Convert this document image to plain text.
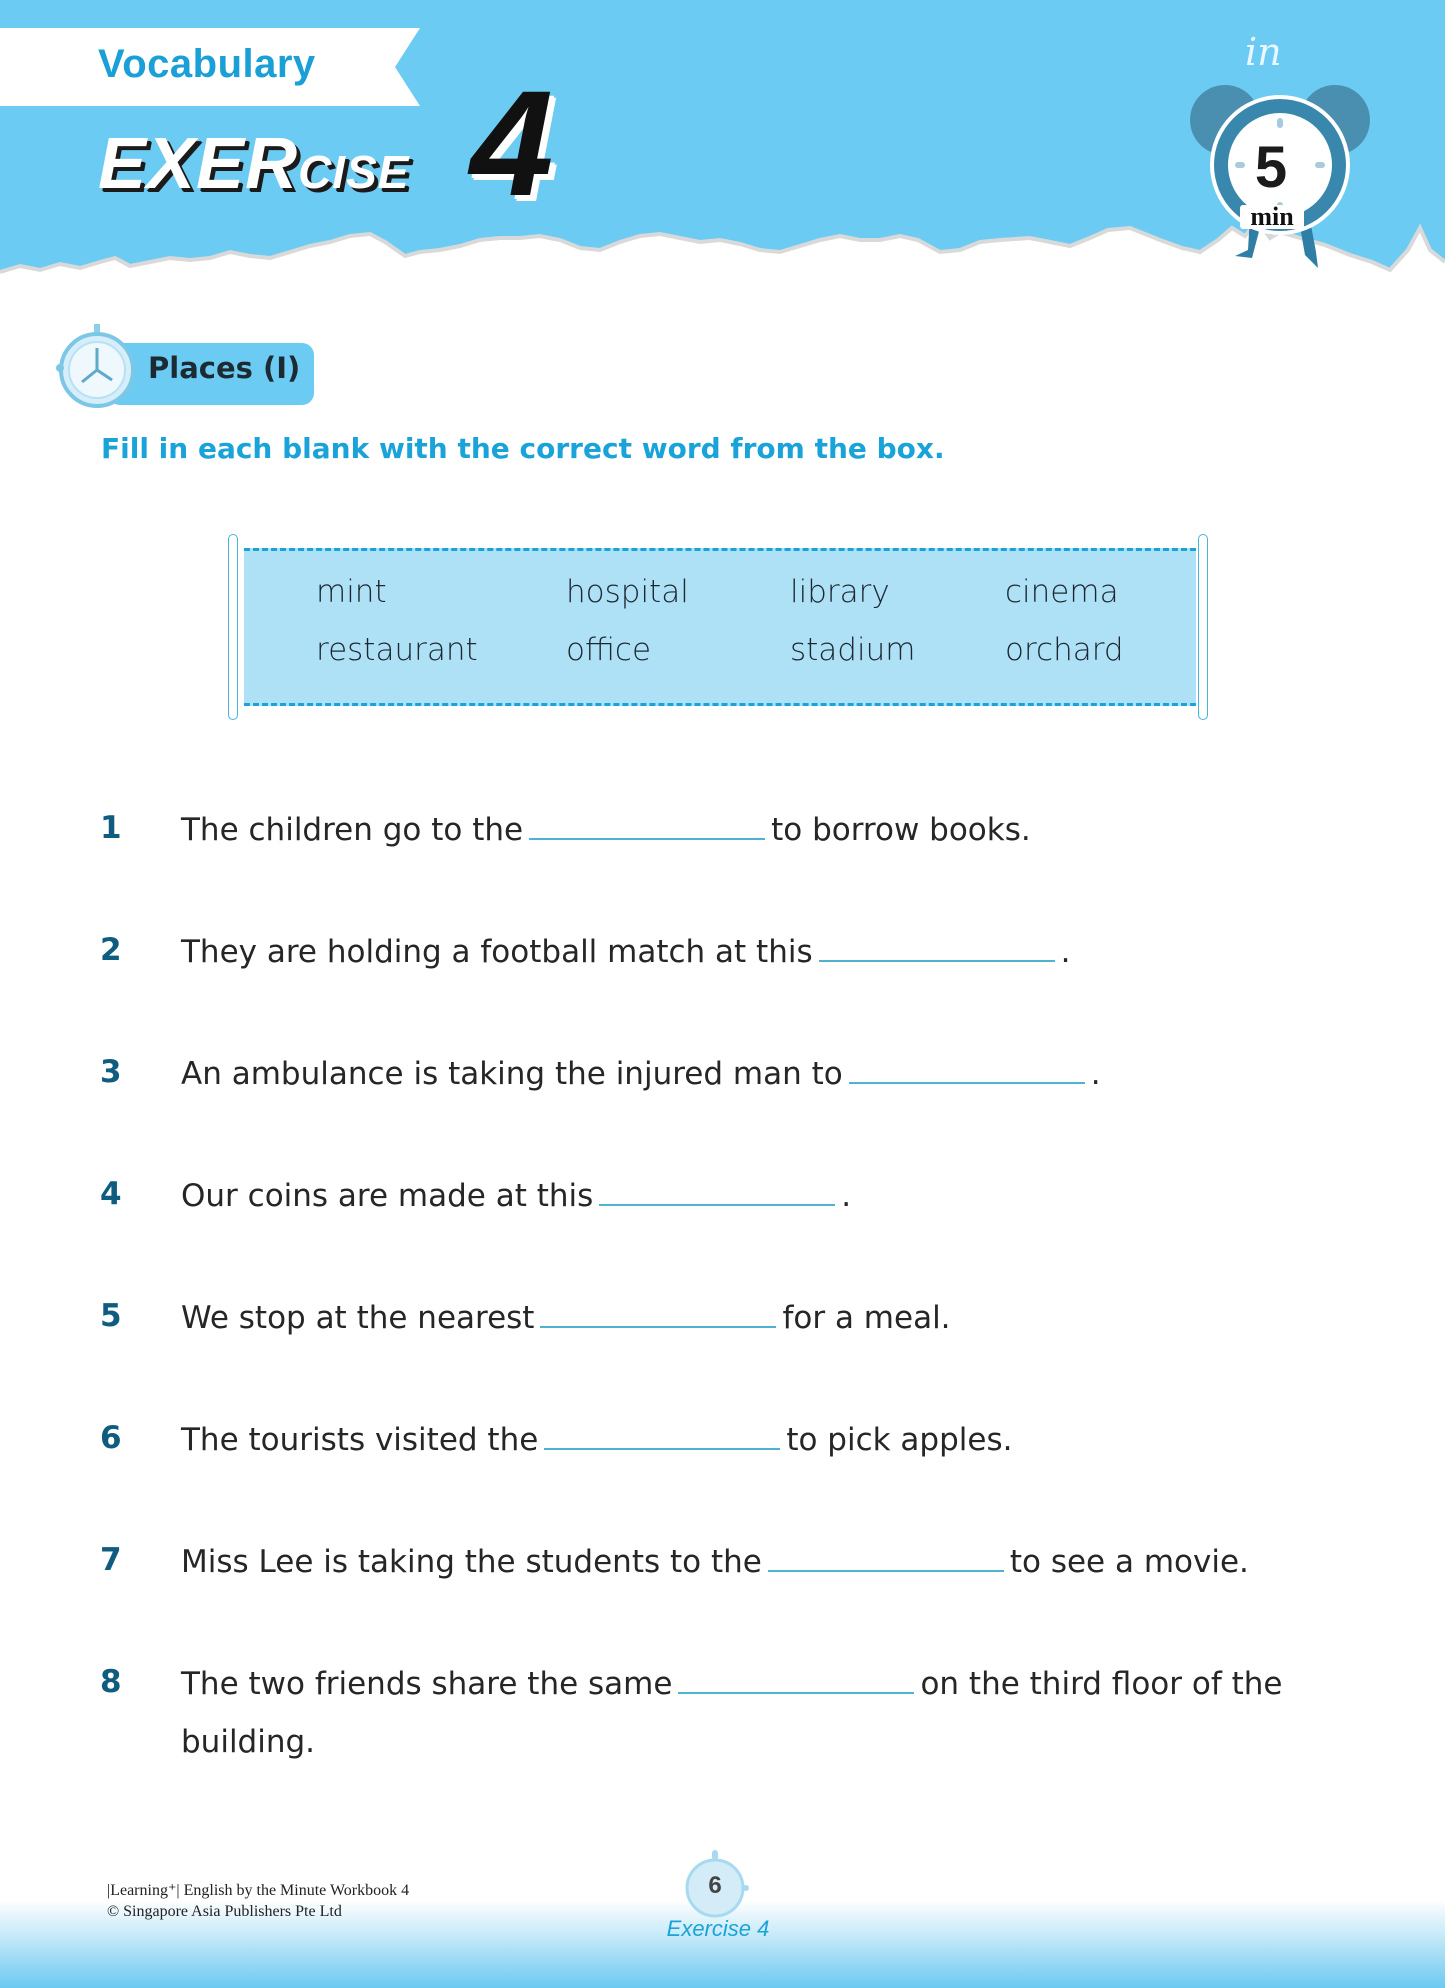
Vocabulary
EXERCISE 4
in
5
min
Places (I)
Fill in each blank with the correct word from the box.
mint	hospital	library	cinema
restaurant	office	stadium	orchard
1	The children go to the	to borrow books.
2	They are holding a football match at this	.
3	An ambulance is taking the injured man to	.
4	Our coins are made at this	.
5	We stop at the nearest	for a meal.
6	The tourists visited the	to pick apples.
7	Miss Lee is taking the students to the	to see a movie.
8	The two friends share the same	on the third floor of the
building.
|Learning⁺| English by the Minute Workbook 4
© Singapore Asia Publishers Pte Ltd
6
Exercise 4
